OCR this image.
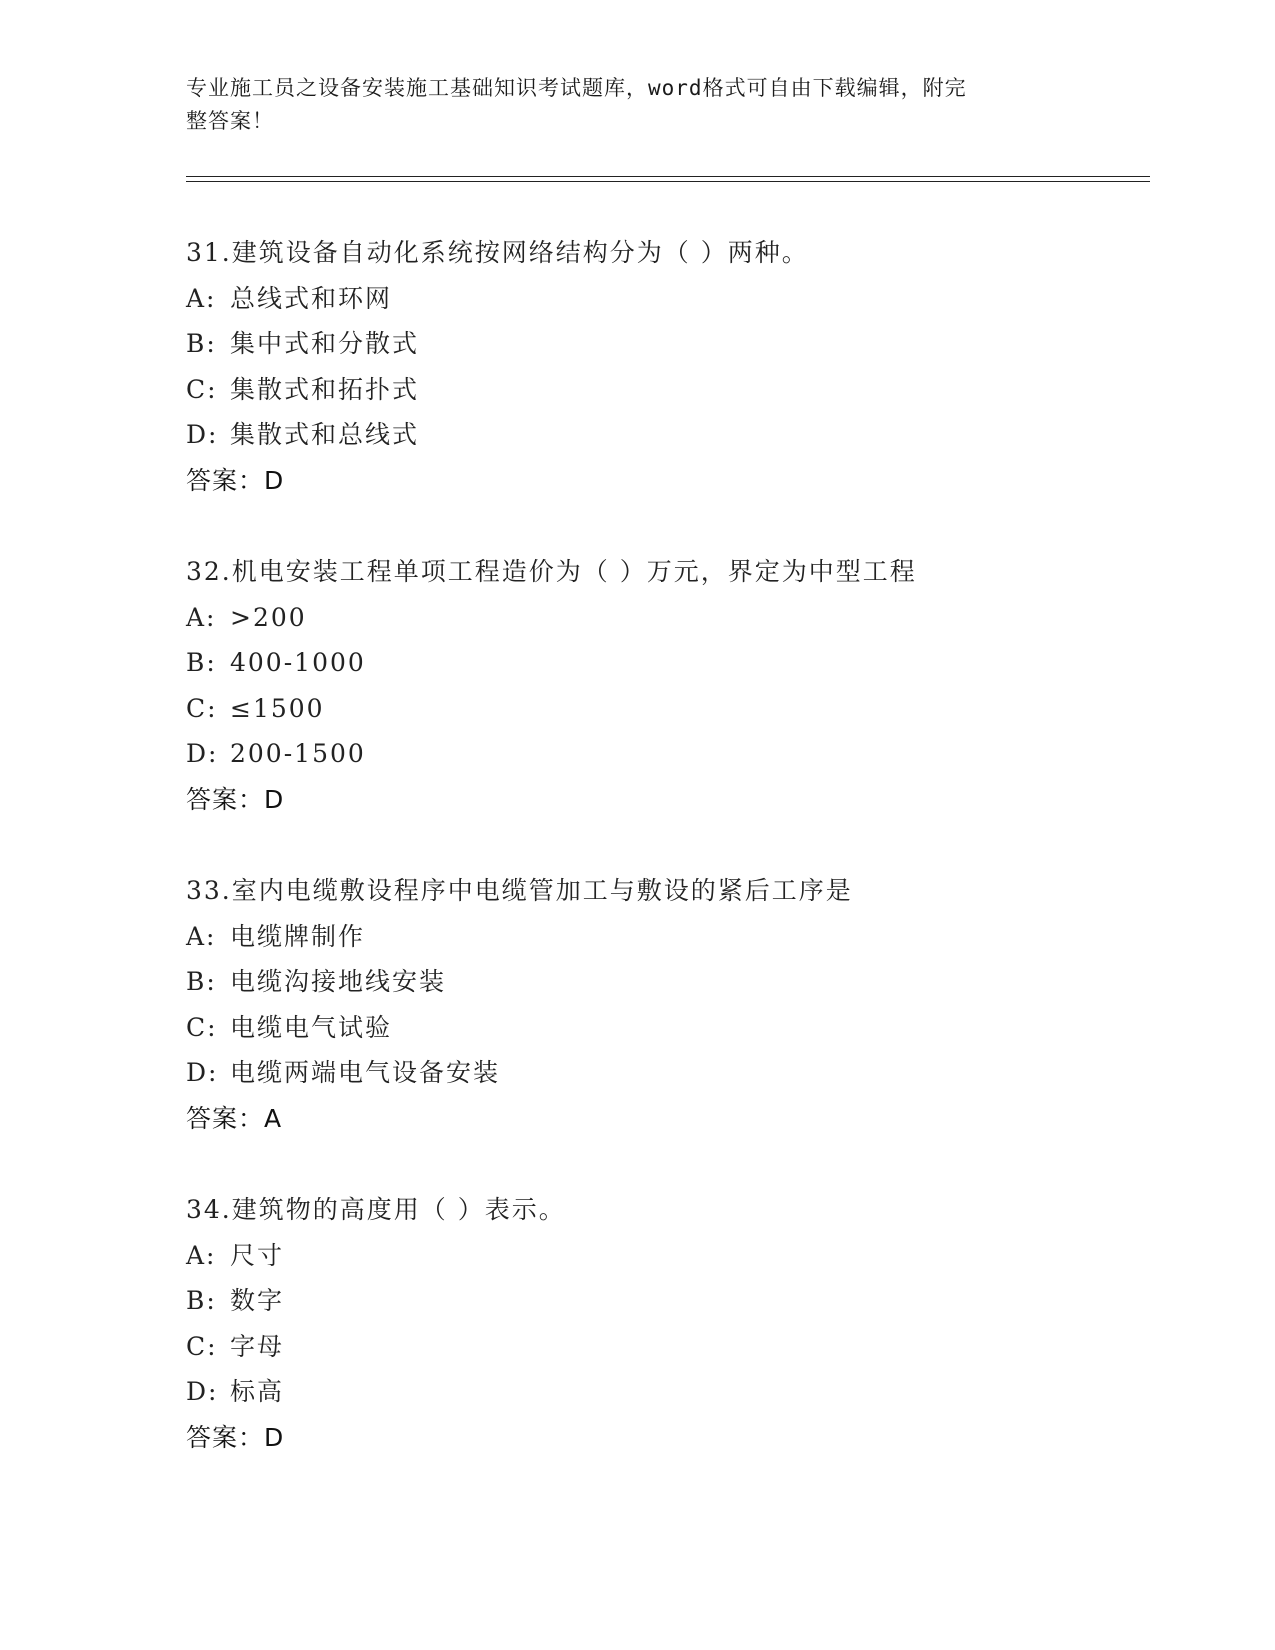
专业施工员之设备安装施工基础知识考试题库，word格式可自由下载编辑，附完
整答案！
31.建筑设备自动化系统按网络结构分为（ ）两种。
A: 总线式和环网
B: 集中式和分散式
C: 集散式和拓扑式
D: 集散式和总线式
答案：D
32.机电安装工程单项工程造价为（ ）万元，界定为中型工程
A: >200
B: 400-1000
C: ≤1500
D: 200-1500
答案：D
33.室内电缆敷设程序中电缆管加工与敷设的紧后工序是
A: 电缆牌制作
B: 电缆沟接地线安装
C: 电缆电气试验
D: 电缆两端电气设备安装
答案：A
34.建筑物的高度用（ ）表示。
A: 尺寸
B: 数字
C: 字母
D: 标高
答案：D
